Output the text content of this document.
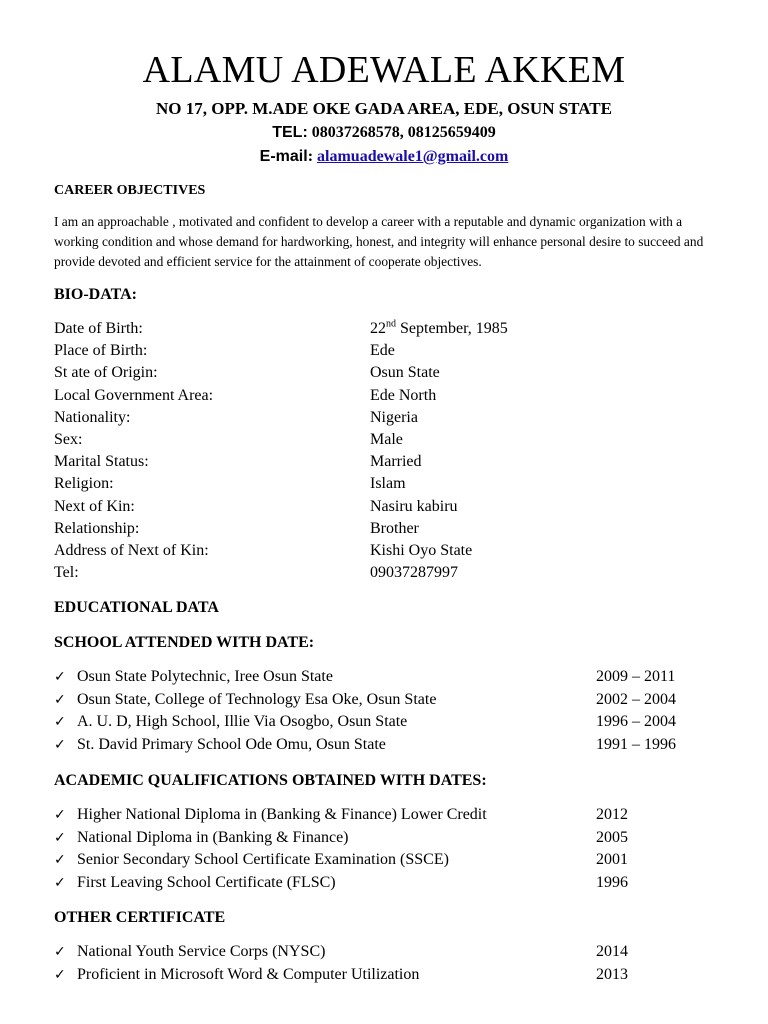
ALAMU ADEWALE AKKEM
NO 17, OPP. M.ADE OKE GADA AREA, EDE, OSUN STATE
TEL: 08037268578, 08125659409
E-mail: alamuadewale1@gmail.com
CAREER OBJECTIVES
I am an approachable , motivated and confident to develop a career with a reputable and dynamic organization with a working condition and whose demand for hardworking, honest, and integrity will enhance personal desire to succeed and provide devoted and efficient service for the attainment of cooperate objectives.
BIO-DATA:
Date of Birth:	22nd September, 1985
Place of Birth:	Ede
St ate of Origin:	Osun State
Local Government Area:	Ede North
Nationality:	Nigeria
Sex:	Male
Marital Status:	Married
Religion:	Islam
Next of Kin:	Nasiru kabiru
Relationship:	Brother
Address of Next of Kin:	Kishi Oyo State
Tel:	09037287997
EDUCATIONAL DATA
SCHOOL ATTENDED WITH DATE:
✓ Osun State Polytechnic, Iree Osun State	2009 – 2011
✓ Osun State, College of Technology Esa Oke, Osun State	2002 – 2004
✓ A. U. D, High School, Illie Via Osogbo, Osun State	1996 – 2004
✓ St. David Primary School Ode Omu, Osun State	1991 – 1996
ACADEMIC QUALIFICATIONS OBTAINED WITH DATES:
✓ Higher National Diploma in (Banking & Finance) Lower Credit	2012
✓ National Diploma in (Banking & Finance)	2005
✓ Senior Secondary School Certificate Examination (SSCE)	2001
✓ First Leaving School Certificate (FLSC)	1996
OTHER CERTIFICATE
✓ National Youth Service Corps (NYSC)	2014
✓ Proficient in Microsoft Word & Computer Utilization	2013
